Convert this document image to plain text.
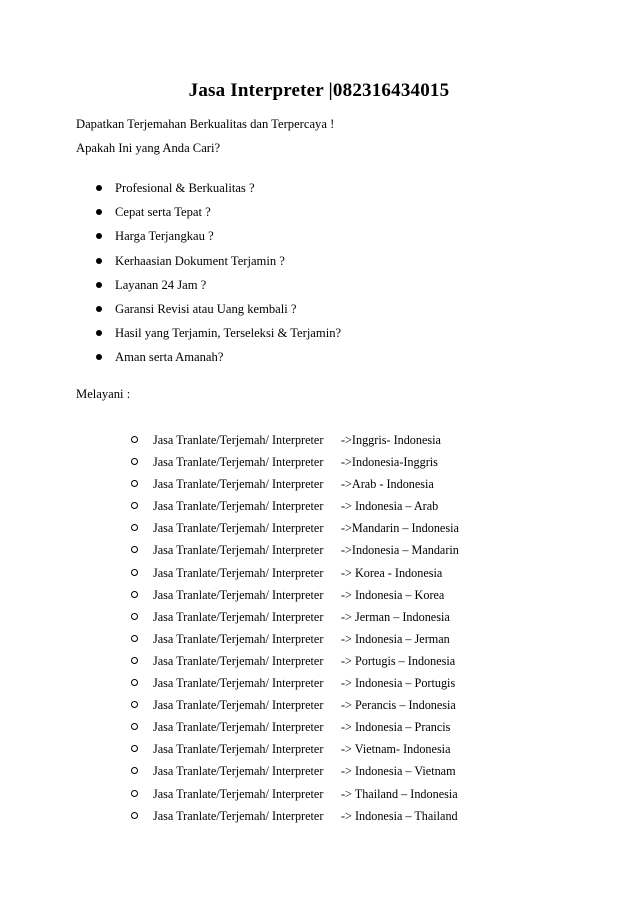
Jasa Interpreter |082316434015
Dapatkan Terjemahan Berkualitas dan Terpercaya !
Apakah Ini yang Anda Cari?
Profesional & Berkualitas ?
Cepat serta Tepat ?
Harga Terjangkau ?
Kerhaasian Dokument Terjamin ?
Layanan 24 Jam ?
Garansi Revisi atau Uang kembali ?
Hasil yang Terjamin, Terseleksi & Terjamin?
Aman serta Amanah?
Melayani :
Jasa Tranlate/Terjemah/ Interpreter ->Inggris- Indonesia
Jasa Tranlate/Terjemah/ Interpreter ->Indonesia-Inggris
Jasa Tranlate/Terjemah/ Interpreter ->Arab - Indonesia
Jasa Tranlate/Terjemah/ Interpreter -> Indonesia – Arab
Jasa Tranlate/Terjemah/ Interpreter ->Mandarin – Indonesia
Jasa Tranlate/Terjemah/ Interpreter ->Indonesia – Mandarin
Jasa Tranlate/Terjemah/ Interpreter -> Korea - Indonesia
Jasa Tranlate/Terjemah/ Interpreter -> Indonesia – Korea
Jasa Tranlate/Terjemah/ Interpreter -> Jerman – Indonesia
Jasa Tranlate/Terjemah/ Interpreter -> Indonesia – Jerman
Jasa Tranlate/Terjemah/ Interpreter -> Portugis – Indonesia
Jasa Tranlate/Terjemah/ Interpreter -> Indonesia – Portugis
Jasa Tranlate/Terjemah/ Interpreter -> Perancis – Indonesia
Jasa Tranlate/Terjemah/ Interpreter -> Indonesia – Prancis
Jasa Tranlate/Terjemah/ Interpreter -> Vietnam- Indonesia
Jasa Tranlate/Terjemah/ Interpreter -> Indonesia – Vietnam
Jasa Tranlate/Terjemah/ Interpreter -> Thailand – Indonesia
Jasa Tranlate/Terjemah/ Interpreter -> Indonesia – Thailand
